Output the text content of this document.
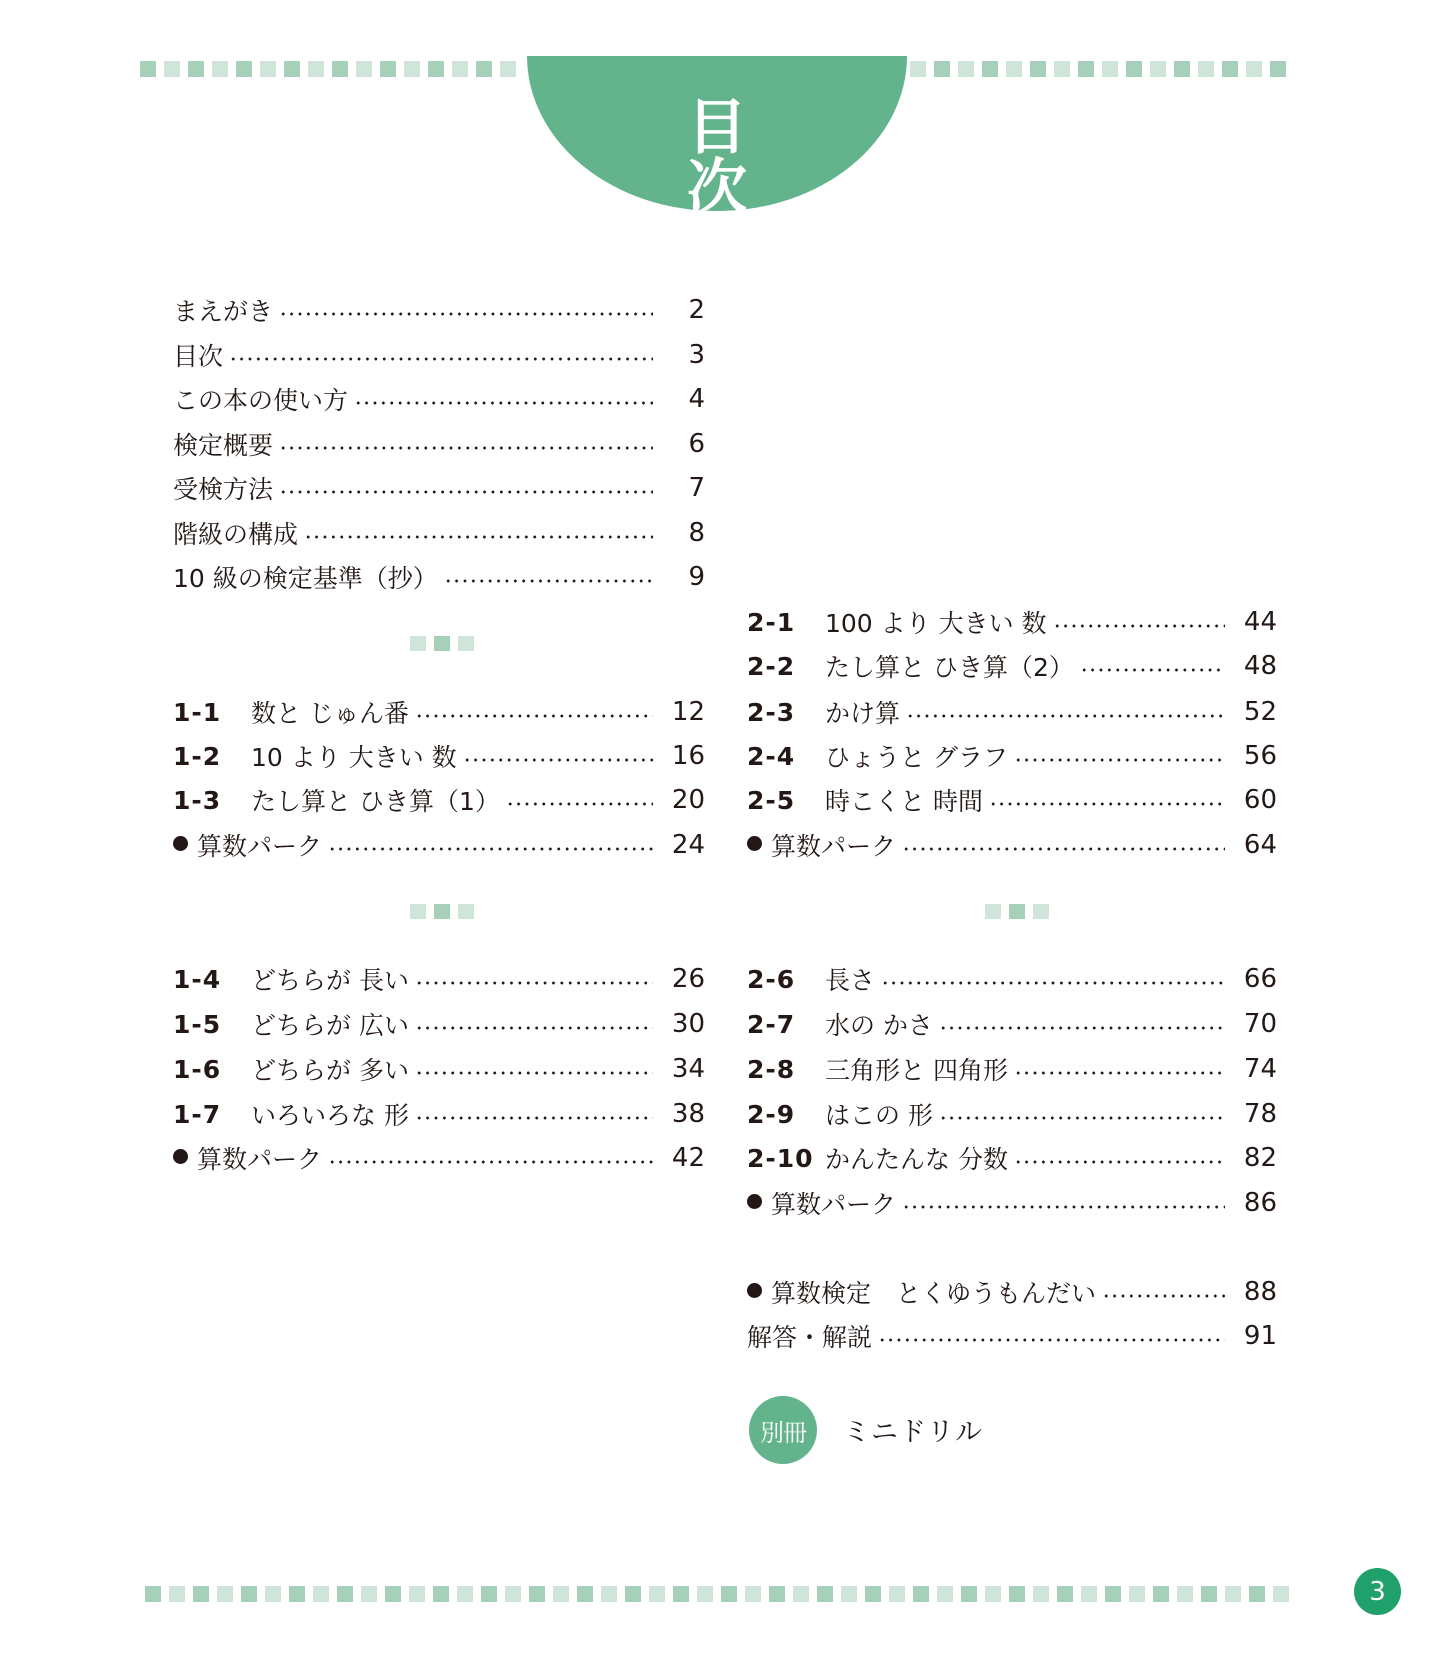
目　次
まえがき	2
目次	3
この本の使い方	4
検定概要	6
受検方法	7
階級の構成	8
10 級の検定基準（抄）	9
1-1	数と じゅん番	12
1-2	10 より 大きい 数	16
1-3	たし算と ひき算（1）	20
算数パーク	24
1-4	どちらが 長い	26
1-5	どちらが 広い	30
1-6	どちらが 多い	34
1-7	いろいろな 形	38
算数パーク	42
2-1	100 より 大きい 数	44
2-2	たし算と ひき算（2）	48
2-3	かけ算	52
2-4	ひょうと グラフ	56
2-5	時こくと 時間	60
算数パーク	64
2-6	長さ	66
2-7	水の かさ	70
2-8	三角形と 四角形	74
2-9	はこの 形	78
2-10 かんたんな 分数	82
算数パーク	86
算数検定　とくゆうもんだい	88
解答・解説	91
別冊	ミニドリル
3
